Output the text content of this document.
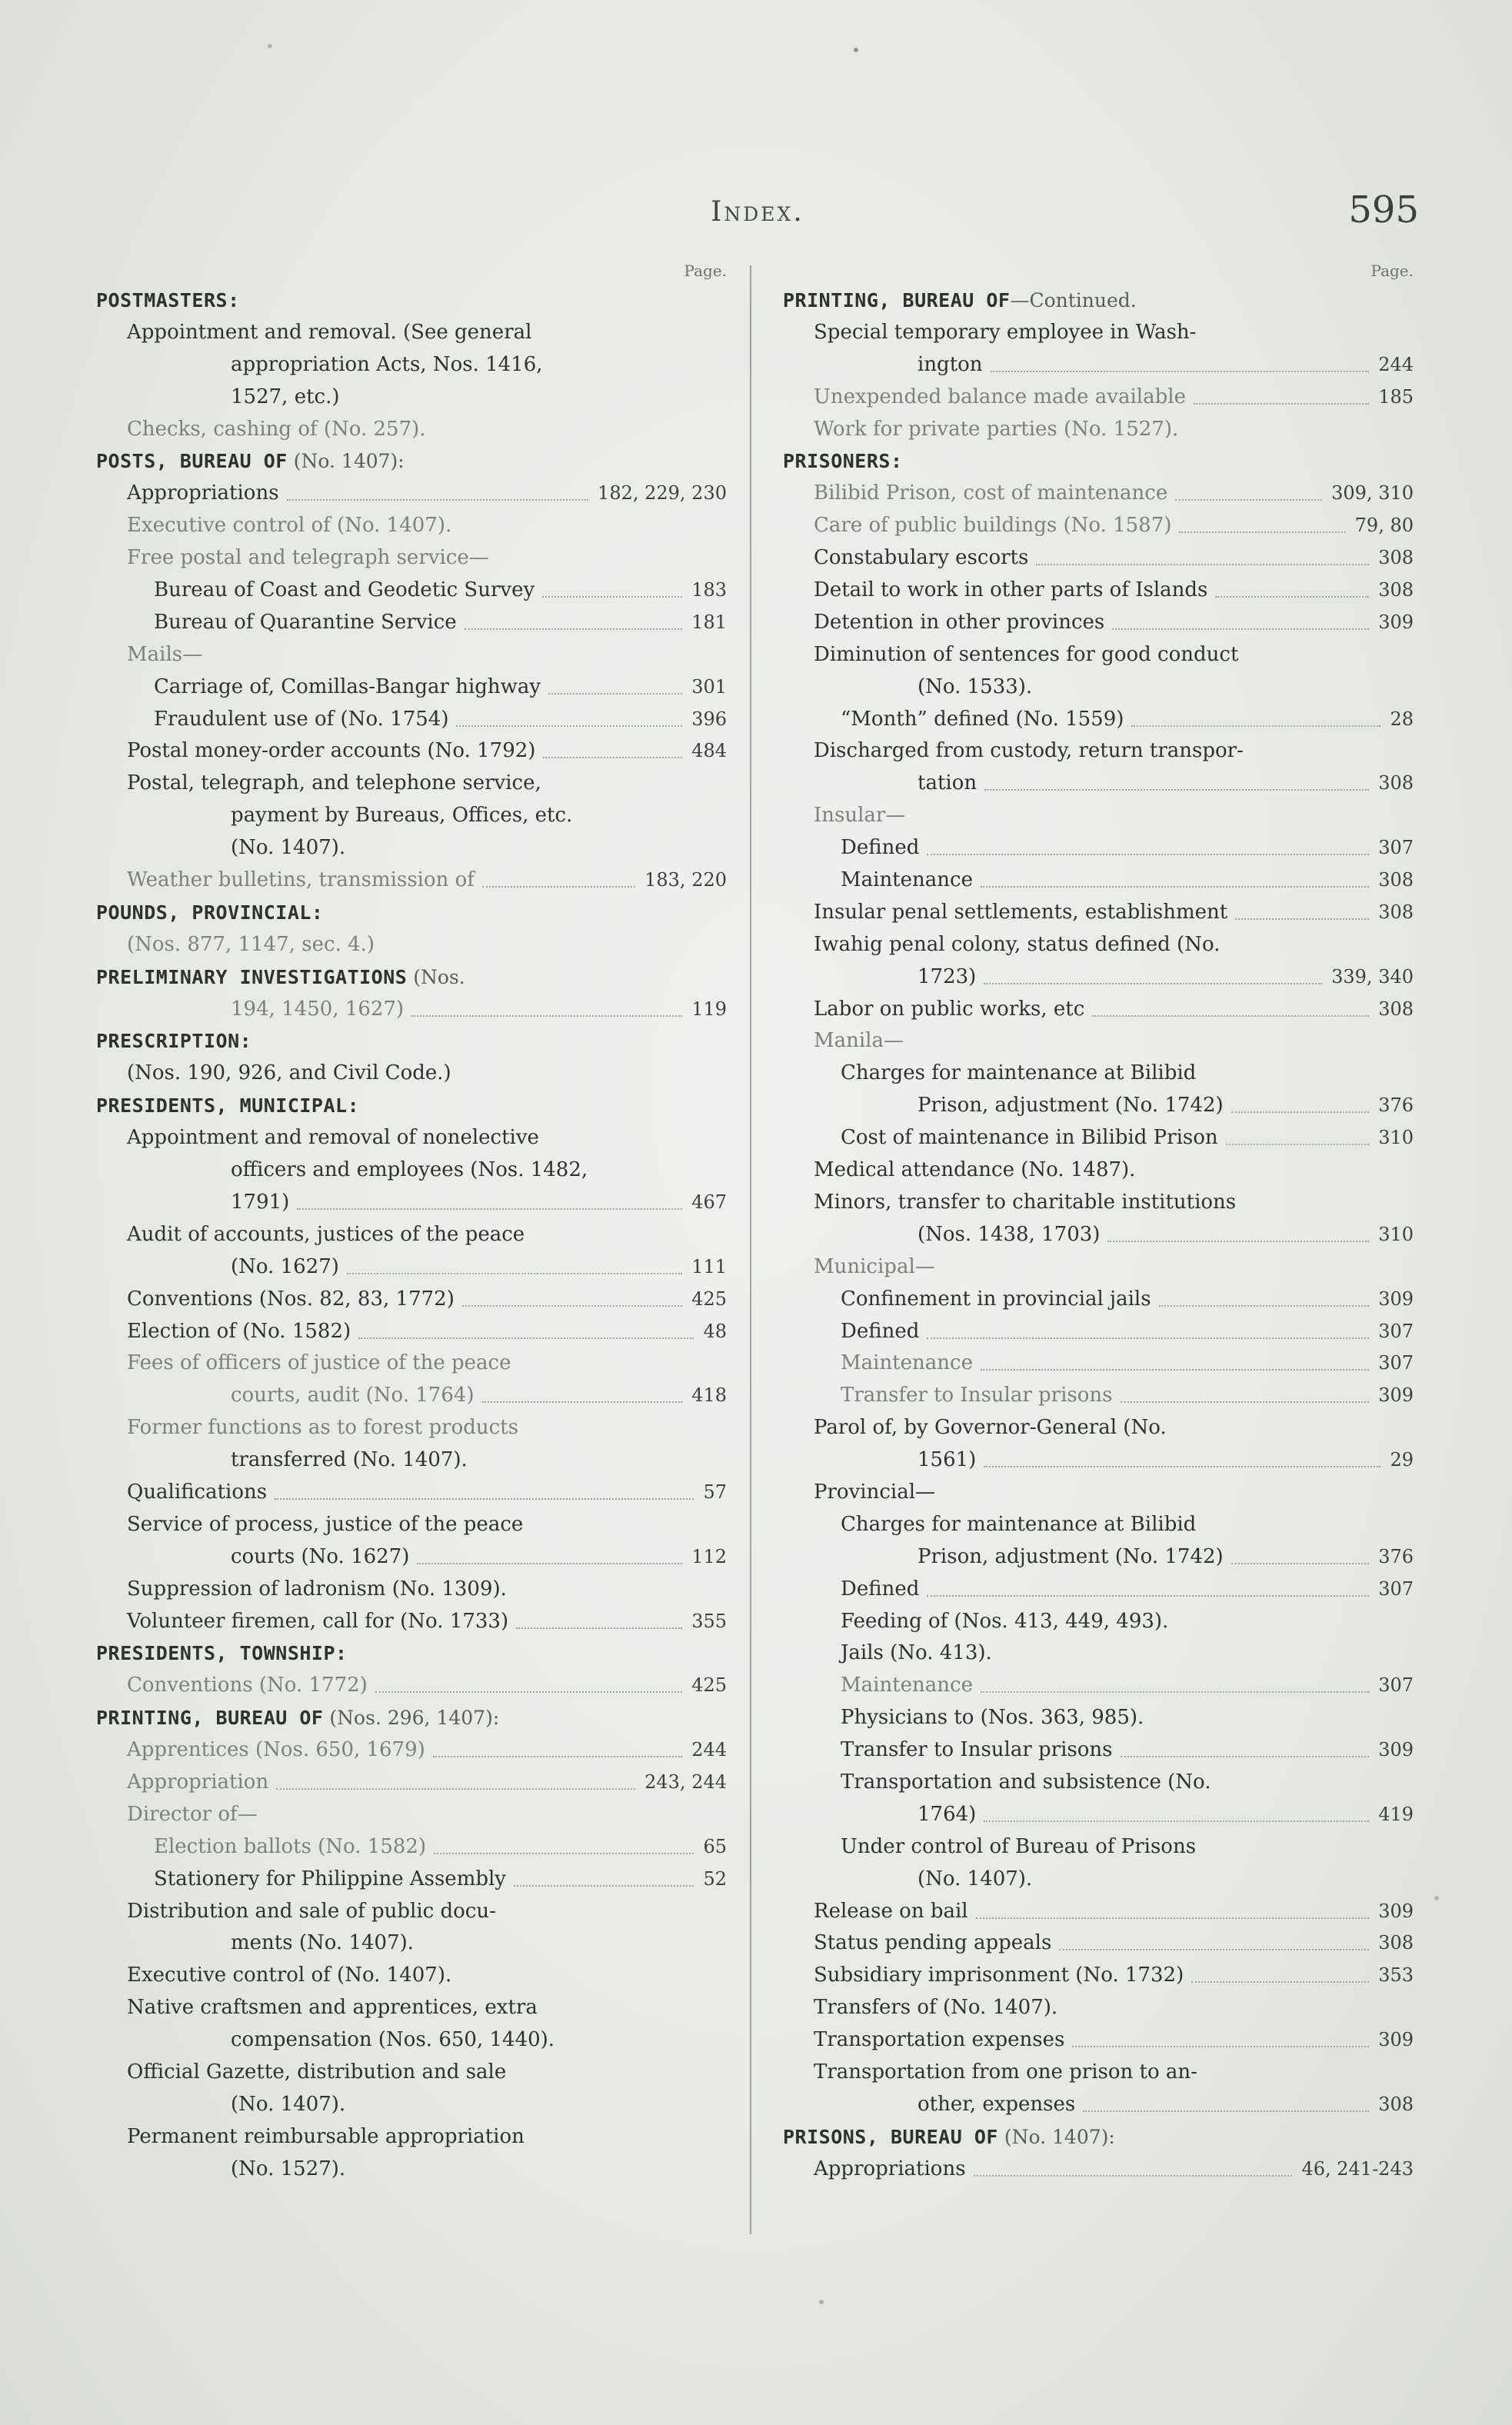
Index.	595
Page.
POSTMASTERS:
Appointment and removal. (See general
appropriation Acts, Nos. 1416,
1527, etc.)
Checks, cashing of (No. 257).
POSTS, BUREAU OF (No. 1407):
Appropriations	182, 229, 230
Executive control of (No. 1407).
Free postal and telegraph service—
Bureau of Coast and Geodetic Survey	183
Bureau of Quarantine Service	181
Mails—
Carriage of, Comillas-Bangar highway	301
Fraudulent use of (No. 1754)	396
Postal money-order accounts (No. 1792)	484
Postal, telegraph, and telephone service,
payment by Bureaus, Offices, etc.
(No. 1407).
Weather bulletins, transmission of	183, 220
POUNDS, PROVINCIAL:
(Nos. 877, 1147, sec. 4.)
PRELIMINARY INVESTIGATIONS (Nos.
194, 1450, 1627)	119
PRESCRIPTION:
(Nos. 190, 926, and Civil Code.)
PRESIDENTS, MUNICIPAL:
Appointment and removal of nonelective
officers and employees (Nos. 1482,
1791)	467
Audit of accounts, justices of the peace
(No. 1627)	111
Conventions (Nos. 82, 83, 1772)	425
Election of (No. 1582)	48
Fees of officers of justice of the peace
courts, audit (No. 1764)	418
Former functions as to forest products
transferred (No. 1407).
Qualifications	57
Service of process, justice of the peace
courts (No. 1627)	112
Suppression of ladronism (No. 1309).
Volunteer firemen, call for (No. 1733)	355
PRESIDENTS, TOWNSHIP:
Conventions (No. 1772)	425
PRINTING, BUREAU OF (Nos. 296, 1407):
Apprentices (Nos. 650, 1679)	244
Appropriation	243, 244
Director of—
Election ballots (No. 1582)	65
Stationery for Philippine Assembly	52
Distribution and sale of public docu-
ments (No. 1407).
Executive control of (No. 1407).
Native craftsmen and apprentices, extra
compensation (Nos. 650, 1440).
Official Gazette, distribution and sale
(No. 1407).
Permanent reimbursable appropriation
(No. 1527).
Page.
PRINTING, BUREAU OF—Continued.
Special temporary employee in Wash-
ington	244
Unexpended balance made available	185
Work for private parties (No. 1527).
PRISONERS:
Bilibid Prison, cost of maintenance	309, 310
Care of public buildings (No. 1587)	79, 80
Constabulary escorts	308
Detail to work in other parts of Islands	308
Detention in other provinces	309
Diminution of sentences for good conduct
(No. 1533).
“Month” defined (No. 1559)	28
Discharged from custody, return transpor-
tation	308
Insular—
Defined	307
Maintenance	308
Insular penal settlements, establishment	308
Iwahig penal colony, status defined (No.
1723)	339, 340
Labor on public works, etc	308
Manila—
Charges for maintenance at Bilibid
Prison, adjustment (No. 1742)	376
Cost of maintenance in Bilibid Prison	310
Medical attendance (No. 1487).
Minors, transfer to charitable institutions
(Nos. 1438, 1703)	310
Municipal—
Confinement in provincial jails	309
Defined	307
Maintenance	307
Transfer to Insular prisons	309
Parol of, by Governor-General (No.
1561)	29
Provincial—
Charges for maintenance at Bilibid
Prison, adjustment (No. 1742)	376
Defined	307
Feeding of (Nos. 413, 449, 493).
Jails (No. 413).
Maintenance	307
Physicians to (Nos. 363, 985).
Transfer to Insular prisons	309
Transportation and subsistence (No.
1764)	419
Under control of Bureau of Prisons
(No. 1407).
Release on bail	309
Status pending appeals	308
Subsidiary imprisonment (No. 1732)	353
Transfers of (No. 1407).
Transportation expenses	309
Transportation from one prison to an-
other, expenses	308
PRISONS, BUREAU OF (No. 1407):
Appropriations	46, 241-243
